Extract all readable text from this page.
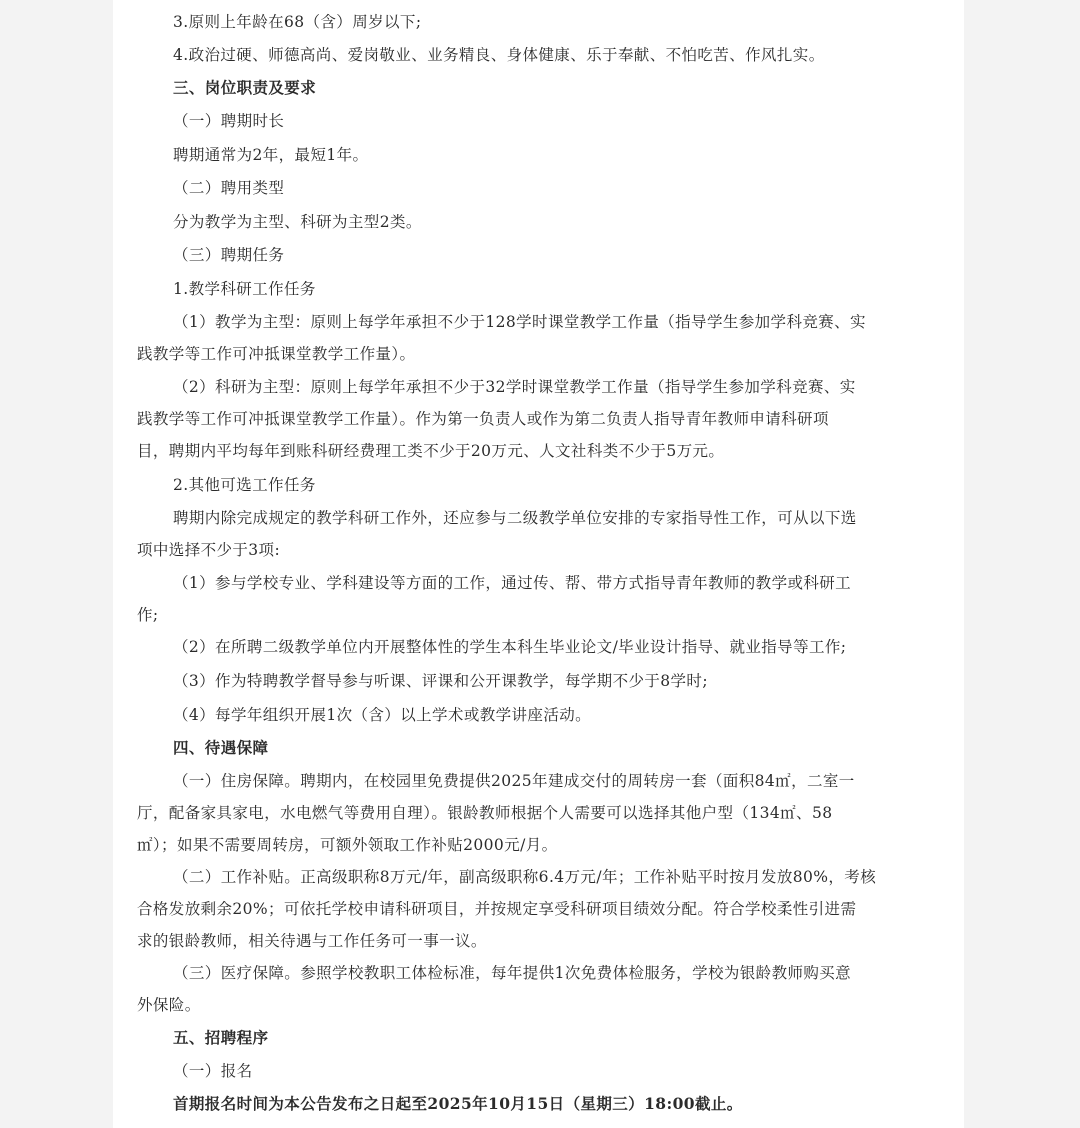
3.原则上年龄在68（含）周岁以下;
4.政治过硬、师德高尚、爱岗敬业、业务精良、身体健康、乐于奉献、不怕吃苦、作风扎实。
三、岗位职责及要求
（一）聘期时长
聘期通常为2年，最短1年。
（二）聘用类型
分为教学为主型、科研为主型2类。
（三）聘期任务
1.教学科研工作任务
（1）教学为主型：原则上每学年承担不少于128学时课堂教学工作量（指导学生参加学科竞赛、实
践教学等工作可冲抵课堂教学工作量）。
（2）科研为主型：原则上每学年承担不少于32学时课堂教学工作量（指导学生参加学科竞赛、实
践教学等工作可冲抵课堂教学工作量）。作为第一负责人或作为第二负责人指导青年教师申请科研项
目，聘期内平均每年到账科研经费理工类不少于20万元、人文社科类不少于5万元。
2.其他可选工作任务
聘期内除完成规定的教学科研工作外，还应参与二级教学单位安排的专家指导性工作，可从以下选
项中选择不少于3项:
（1）参与学校专业、学科建设等方面的工作，通过传、帮、带方式指导青年教师的教学或科研工
作;
（2）在所聘二级教学单位内开展整体性的学生本科生毕业论文/毕业设计指导、就业指导等工作;
（3）作为特聘教学督导参与听课、评课和公开课教学，每学期不少于8学时;
（4）每学年组织开展1次（含）以上学术或教学讲座活动。
四、待遇保障
（一）住房保障。聘期内，在校园里免费提供2025年建成交付的周转房一套（面积84㎡，二室一
厅，配备家具家电，水电燃气等费用自理）。银龄教师根据个人需要可以选择其他户型（134㎡、58
㎡）；如果不需要周转房，可额外领取工作补贴2000元/月。
（二）工作补贴。正高级职称8万元/年，副高级职称6.4万元/年；工作补贴平时按月发放80%，考核
合格发放剩余20%；可依托学校申请科研项目，并按规定享受科研项目绩效分配。符合学校柔性引进需
求的银龄教师，相关待遇与工作任务可一事一议。
（三）医疗保障。参照学校教职工体检标准，每年提供1次免费体检服务，学校为银龄教师购买意
外保险。
五、招聘程序
（一）报名
首期报名时间为本公告发布之日起至2025年10月15日（星期三）18:00截止。
